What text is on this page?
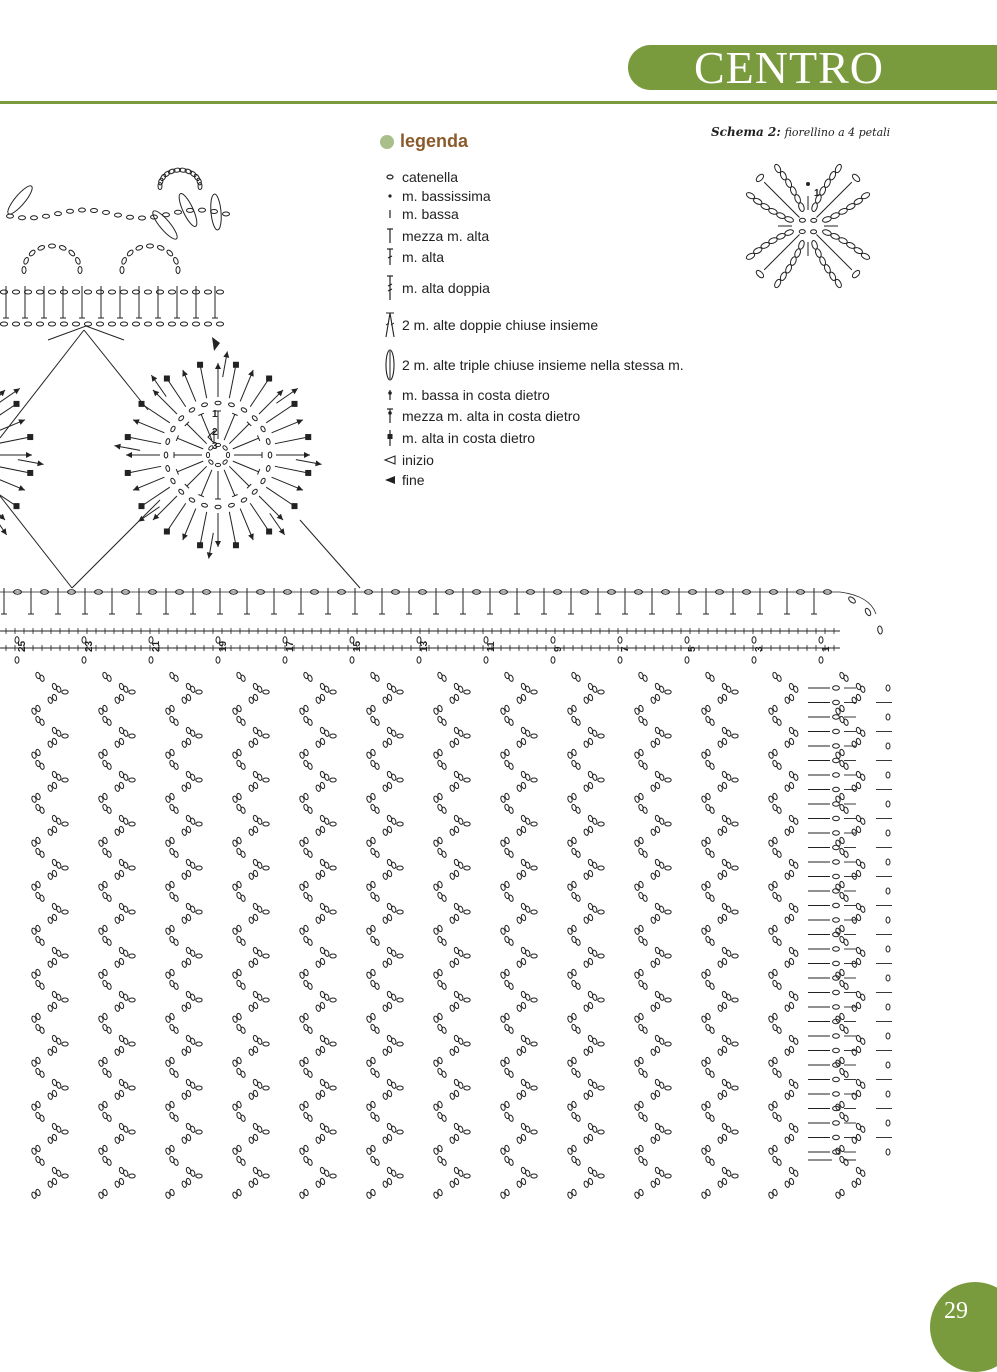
CENTRO
1
3
5
7
9
11
13
15
17
19
21
23
25
1
2
3
1
legenda
catenella
m. bassissima
m. bassa
mezza m. alta
m. alta
m. alta doppia
2 m. alte doppie chiuse insieme
2 m. alte triple chiuse insieme nella stessa m.
m. bassa in costa dietro
mezza m. alta in costa dietro
m. alta in costa dietro
inizio
fine
Schema 2: fiorellino a 4 petali
29
